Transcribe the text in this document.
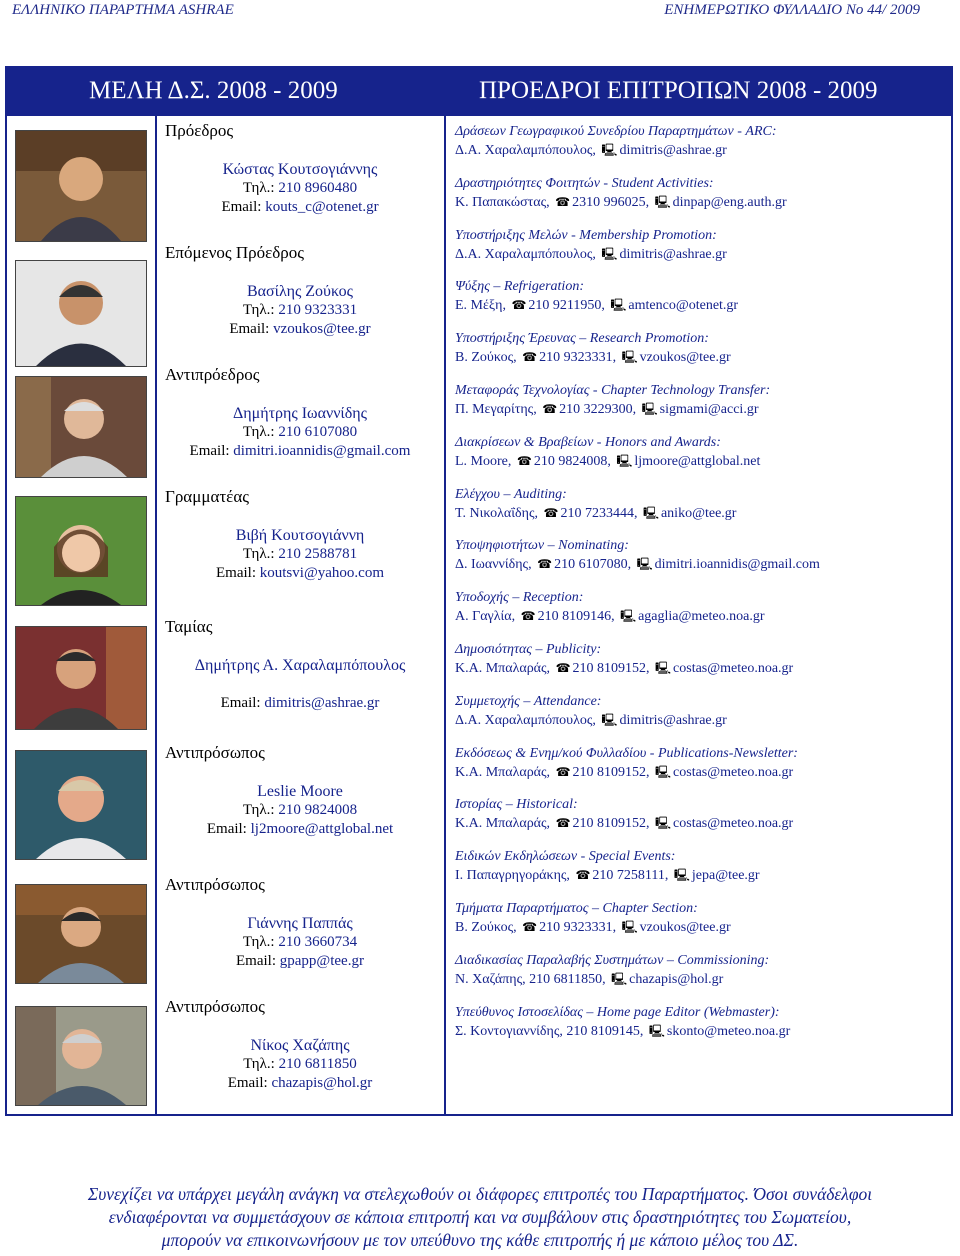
ΕΛΛΗΝΙΚΟ ΠΑΡΑΡΤΗΜΑ ASHRAE	ΕΝΗΜΕΡΩΤΙΚΟ ΦΥΛΛΑΔΙΟ Νο 44/ 2009
ΜΕΛΗ Δ.Σ. 2008 - 2009	ΠΡΟΕΔΡΟΙ ΕΠΙΤΡΟΠΩΝ 2008 - 2009
Πρόεδρος
Κώστας Κουτσογιάννης
Τηλ.: 210 8960480
Email: kouts_c@otenet.gr
Επόμενος Πρόεδρος
Βασίλης Ζούκος
Τηλ.: 210 9323331
Email: vzoukos@tee.gr
Αντιπρόεδρος
Δημήτρης Ιωαννίδης
Τηλ.: 210 6107080
Email: dimitri.ioannidis@gmail.com
Γραμματέας
Βιβή Κουτσογιάννη
Τηλ.: 210 2588781
Email: koutsvi@yahoo.com
Ταμίας
Δημήτρης Α. Χαραλαμπόπουλος
Email: dimitris@ashrae.gr
Αντιπρόσωπος
Leslie Moore
Τηλ.: 210 9824008
Email: lj2moore@attglobal.net
Αντιπρόσωπος
Γιάννης Παππάς
Τηλ.: 210 3660734
Email: gpapp@tee.gr
Αντιπρόσωπος
Νίκος Χαζάπης
Τηλ.: 210 6811850
Email: chazapis@hol.gr
Δράσεων Γεωγραφικού Συνεδρίου Παραρτημάτων - ARC:
Δ.Α. Χαραλαμπόπουλος, 🖳 dimitris@ashrae.gr
Δραστηριότητες Φοιτητών - Student Activities:
Κ. Παπακώστας, ☎ 2310 996025, 🖳 dinpap@eng.auth.gr
Υποστήριξης Μελών - Membership Promotion:
Δ.Α. Χαραλαμπόπουλος, 🖳 dimitris@ashrae.gr
Ψύξης – Refrigeration:
Ε. Μέξη, ☎ 210 9211950, 🖳 amtenco@otenet.gr
Υποστήριξης Έρευνας – Research Promotion:
Β. Ζούκος, ☎ 210 9323331, 🖳 vzoukos@tee.gr
Μεταφοράς Τεχνολογίας - Chapter Technology Transfer:
Π. Μεγαρίτης, ☎ 210 3229300, 🖳 sigmami@acci.gr
Διακρίσεων & Βραβείων - Honors and Awards:
L. Moore, ☎ 210 9824008, 🖳 ljmoore@attglobal.net
Ελέγχου – Auditing:
Τ. Νικολαΐδης, ☎ 210 7233444, 🖳 aniko@tee.gr
Υποψηφιοτήτων – Nominating:
Δ. Ιωαννίδης, ☎ 210 6107080, 🖳 dimitri.ioannidis@gmail.com
Υποδοχής – Reception:
Α. Γαγλία, ☎ 210 8109146, 🖳 agaglia@meteo.noa.gr
Δημοσιότητας – Publicity:
Κ.Α. Μπαλαράς, ☎ 210 8109152, 🖳 costas@meteo.noa.gr
Συμμετοχής – Attendance:
Δ.Α. Χαραλαμπόπουλος, 🖳 dimitris@ashrae.gr
Εκδόσεως & Ενημ/κού Φυλλαδίου - Publications-Newsletter:
Κ.Α. Μπαλαράς, ☎ 210 8109152, 🖳 costas@meteo.noa.gr
Ιστορίας – Historical:
Κ.Α. Μπαλαράς, ☎ 210 8109152, 🖳 costas@meteo.noa.gr
Ειδικών Εκδηλώσεων - Special Events:
Ι. Παπαγρηγοράκης, ☎ 210 7258111, 🖳 jepa@tee.gr
Τμήματα Παραρτήματος – Chapter Section:
Β. Ζούκος, ☎ 210 9323331, 🖳 vzoukos@tee.gr
Διαδικασίας Παραλαβής Συστημάτων – Commissioning:
Ν. Χαζάπης, 210 6811850, 🖳 chazapis@hol.gr
Υπεύθυνος Ιστοσελίδας – Home page Editor (Webmaster):
Σ. Κοντογιαννίδης, 210 8109145, 🖳 skonto@meteo.noa.gr
Συνεχίζει να υπάρχει μεγάλη ανάγκη να στελεχωθούν οι διάφορες επιτροπές του Παραρτήματος. Όσοι συνάδελφοι
ενδιαφέρονται να συμμετάσχουν σε κάποια επιτροπή και να συμβάλουν στις δραστηριότητες του Σωματείου,
μπορούν να επικοινωνήσουν με τον υπεύθυνο της κάθε επιτροπής ή με κάποιο μέλος του ΔΣ.
